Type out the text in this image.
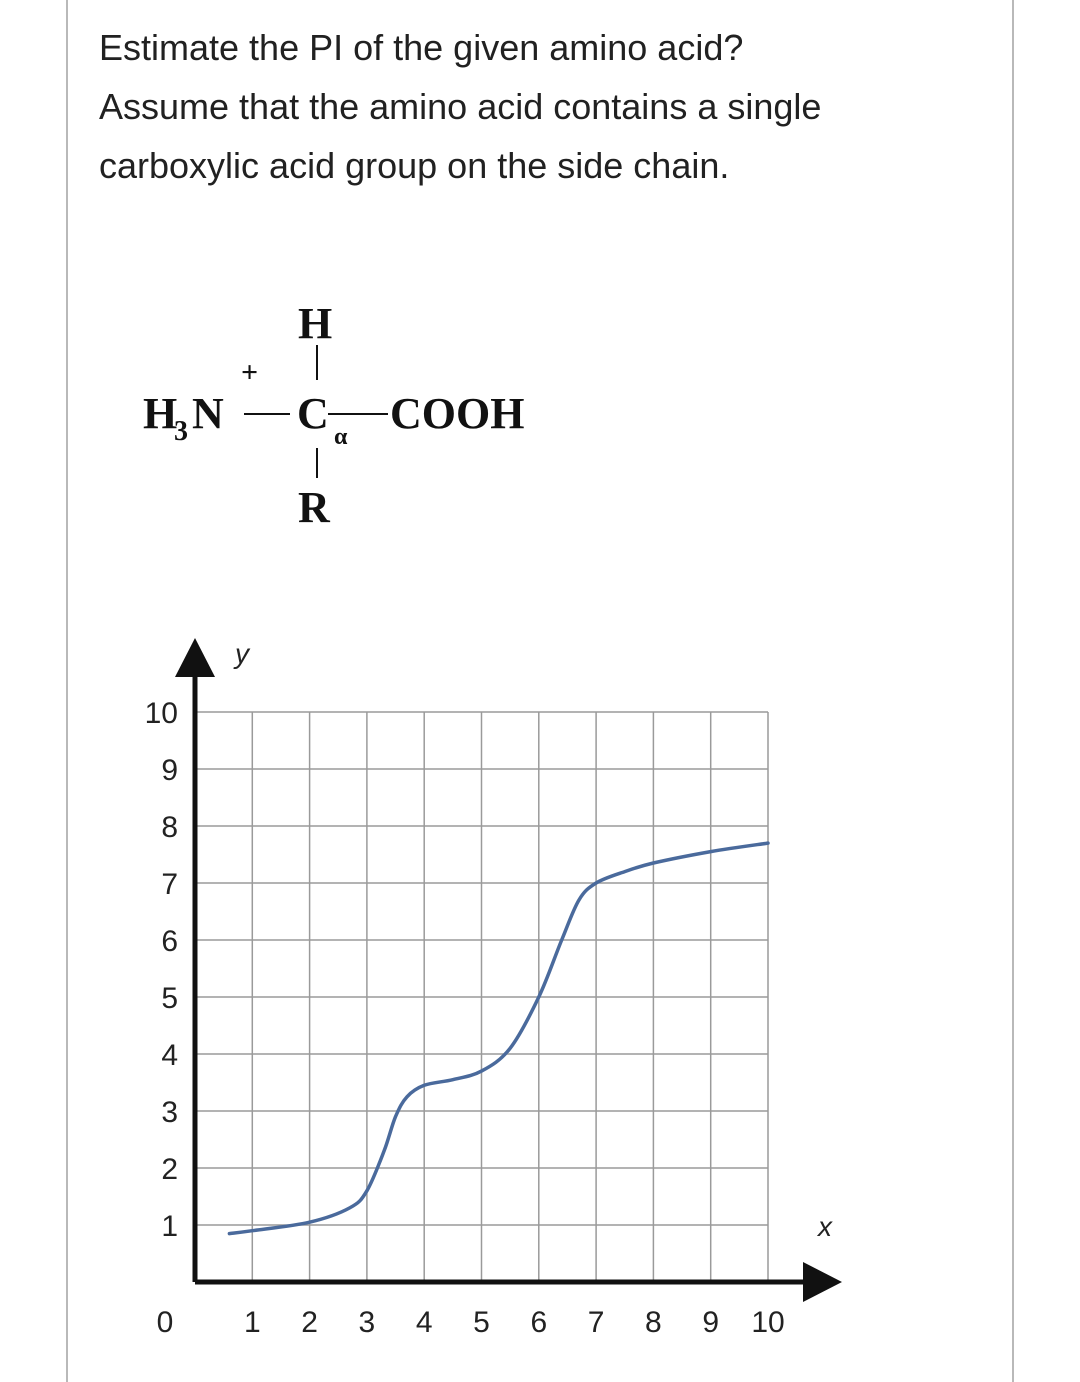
Estimate the PI of the given amino acid?

Assume that the amino acid contains a single

carboxylic acid group on the side chain.

H
+
H
3 N C α COOH
R
y
x
1
2
3
4
5
6
7
8
9
10
0 1 2 3 4 5 6 7 8 9 10
